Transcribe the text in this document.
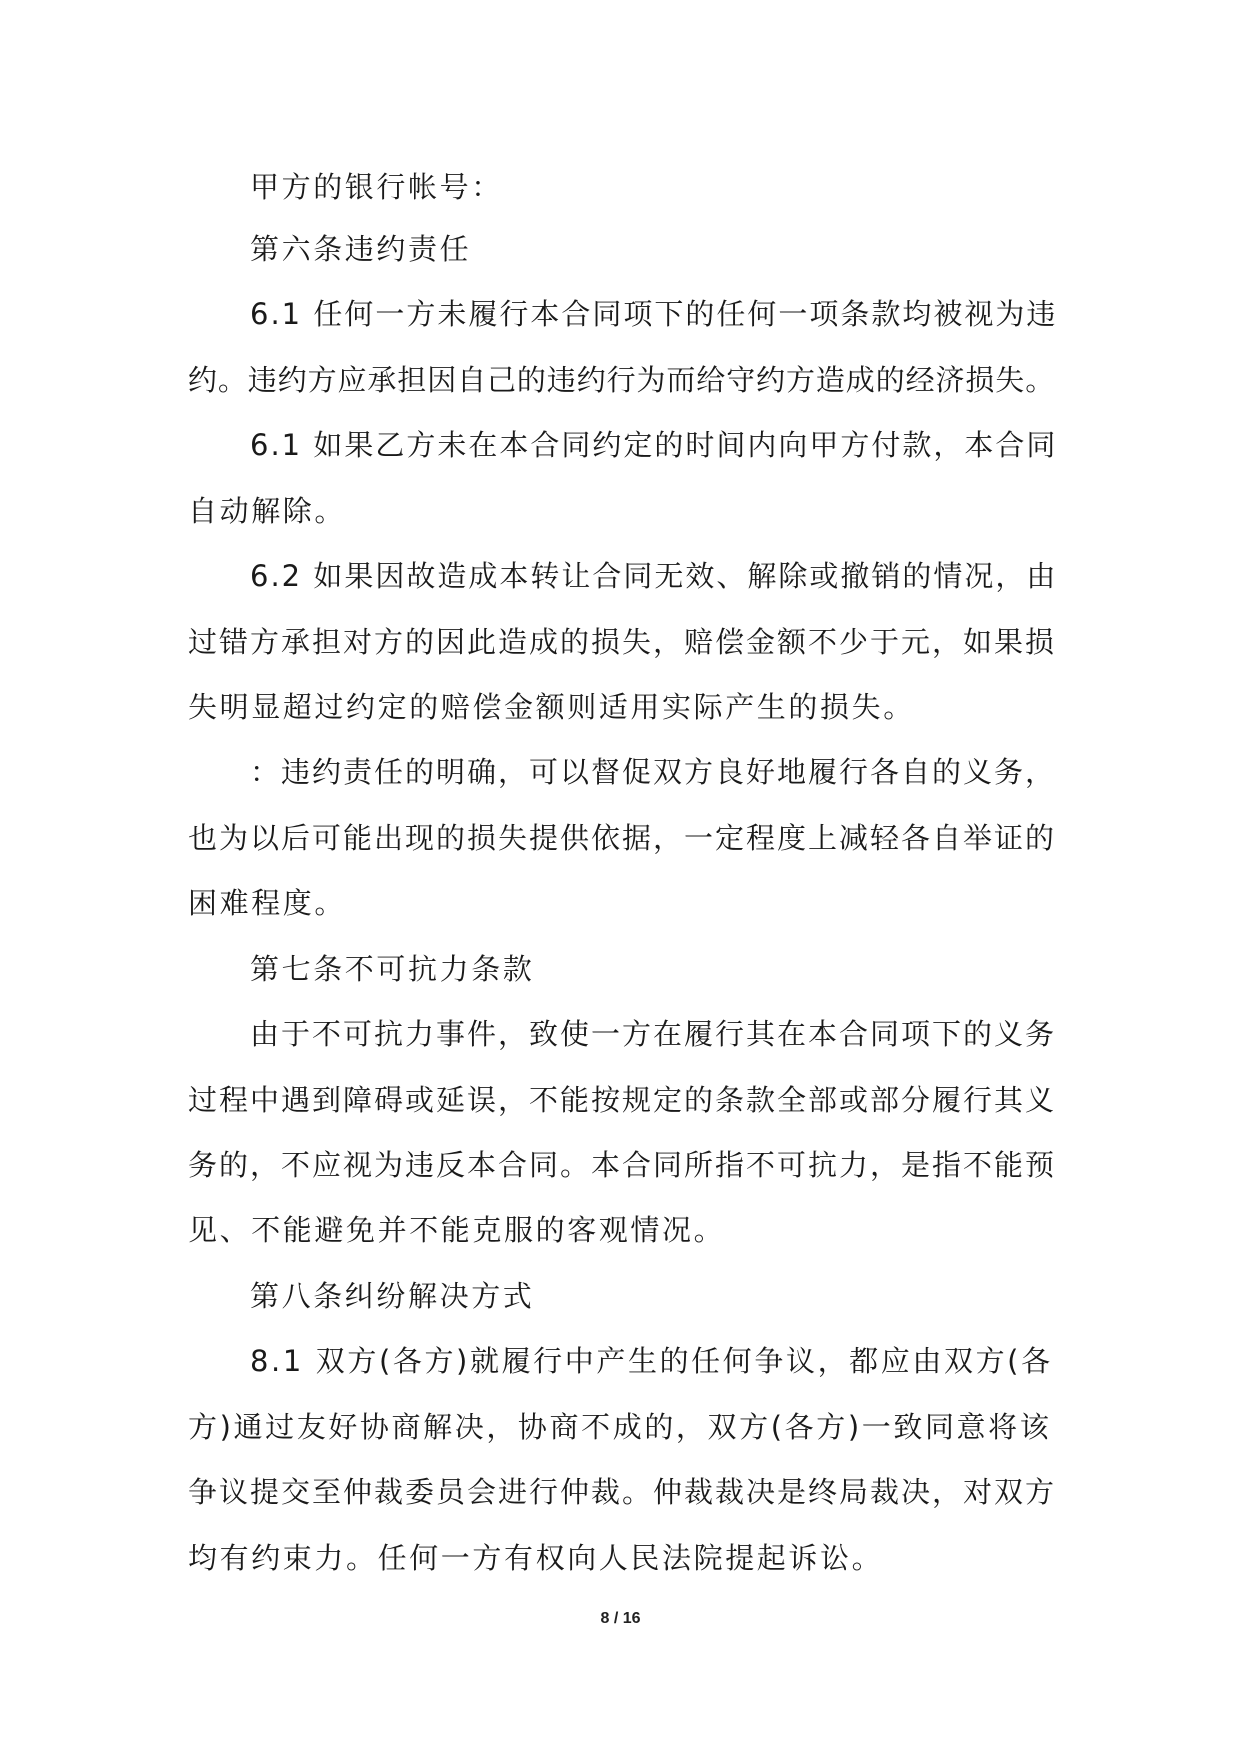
甲方的银行帐号：
第六条违约责任
6.1 任何一方未履行本合同项下的任何一项条款均被视为违
约。违约方应承担因自己的违约行为而给守约方造成的经济损失。
6.1 如果乙方未在本合同约定的时间内向甲方付款，本合同
自动解除。
6.2 如果因故造成本转让合同无效、解除或撤销的情况，由
过错方承担对方的因此造成的损失，赔偿金额不少于元，如果损
失明显超过约定的赔偿金额则适用实际产生的损失。
：违约责任的明确，可以督促双方良好地履行各自的义务，
也为以后可能出现的损失提供依据，一定程度上减轻各自举证的
困难程度。
第七条不可抗力条款
由于不可抗力事件，致使一方在履行其在本合同项下的义务
过程中遇到障碍或延误，不能按规定的条款全部或部分履行其义
务的，不应视为违反本合同。本合同所指不可抗力，是指不能预
见、不能避免并不能克服的客观情况。
第八条纠纷解决方式
8.1 双方(各方)就履行中产生的任何争议，都应由双方(各
方)通过友好协商解决，协商不成的，双方(各方)一致同意将该
争议提交至仲裁委员会进行仲裁。仲裁裁决是终局裁决，对双方
均有约束力。任何一方有权向人民法院提起诉讼。
8 / 16
